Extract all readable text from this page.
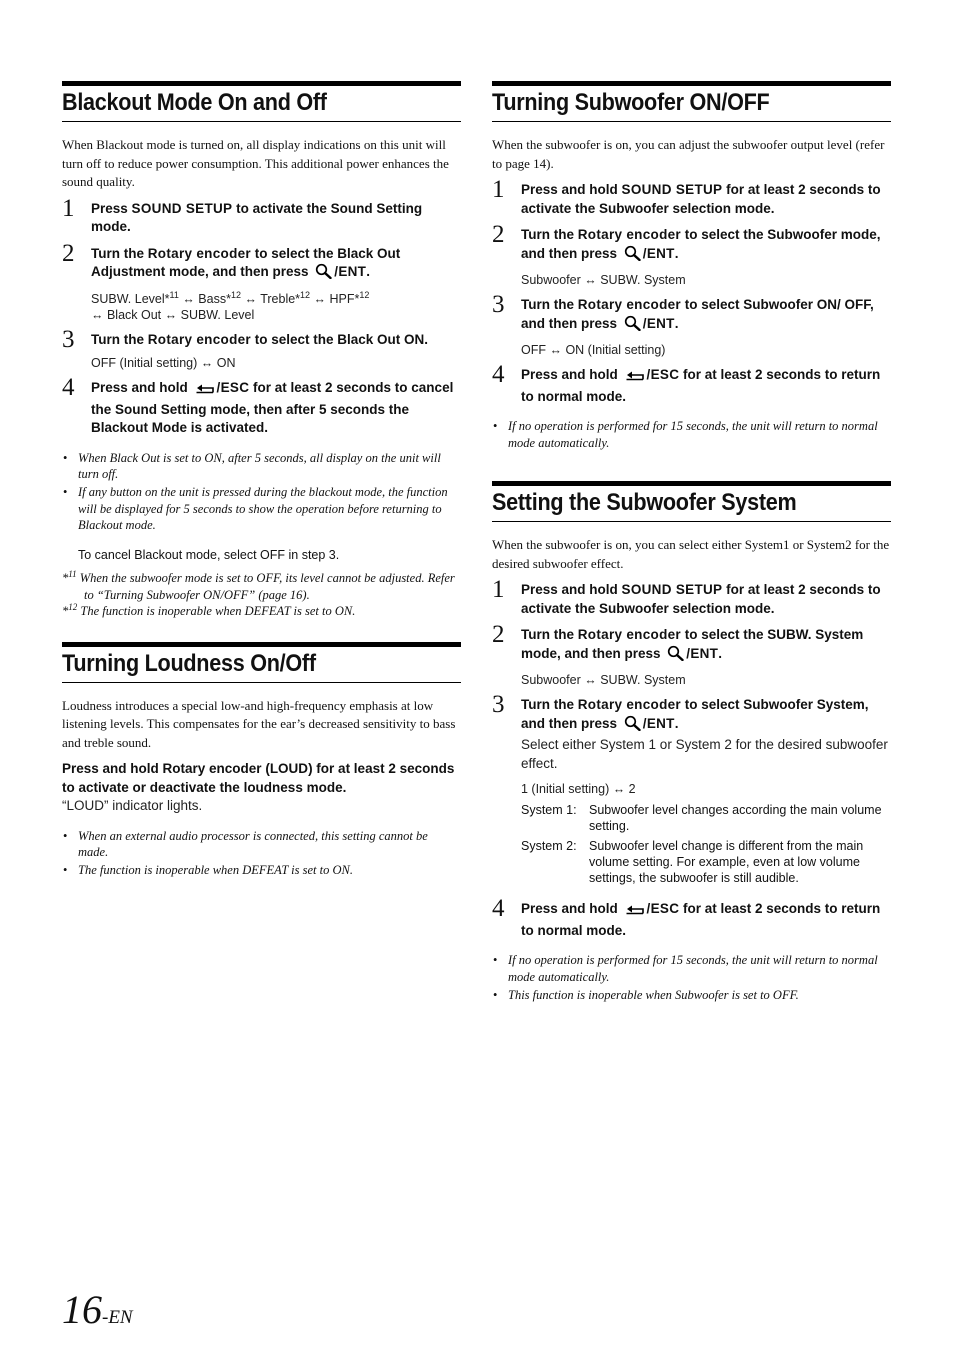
Blackout Mode On and Off

When Blackout mode is turned on, all display indications on this unit will turn off to reduce power consumption. This additional power enhances the sound quality.

1 Press SOUND SETUP to activate the Sound Setting mode.
2 Turn the Rotary encoder to select the Black Out Adjustment mode, and then press /ENT.
SUBW. Level*$^{11}$ ↔ Bass*$^{12}$ ↔ Treble*$^{12}$ ↔ HPF*$^{12}$
↔ Black Out ↔ SUBW. Level
3 Turn the Rotary encoder to select the Black Out ON.
OFF (Initial setting) ↔ ON
4 Press and hold /ESC for at least 2 seconds to cancel the Sound Setting mode, then after 5 seconds the Blackout Mode is activated.
• When Black Out is set to ON, after 5 seconds, all display on the unit will turn off.
• If any button on the unit is pressed during the blackout mode, the function will be displayed for 5 seconds to show the operation before returning to Blackout mode.
To cancel Blackout mode, select OFF in step 3.

*$^{11}$ When the subwoofer mode is set to OFF, its level cannot be adjusted. Refer to “Turning Subwoofer ON/OFF” (page 16).

*$^{12}$ The function is inoperable when DEFEAT is set to ON.

Turning Loudness On/Off

Loudness introduces a special low-and high-frequency emphasis at low listening levels. This compensates for the ear’s decreased sensitivity to bass and treble sound.

Press and hold Rotary encoder (LOUD) for at least 2 seconds to activate or deactivate the loudness mode.

“LOUD” indicator lights.
• When an external audio processor is connected, this setting cannot be made.
• The function is inoperable when DEFEAT is set to ON.
Turning Subwoofer ON/OFF

When the subwoofer is on, you can adjust the subwoofer output level (refer to page 14).

1 Press and hold SOUND SETUP for at least 2 seconds to activate the Subwoofer selection mode.
2 Turn the Rotary encoder to select the Subwoofer mode, and then press /ENT.
Subwoofer ↔ SUBW. System
3 Turn the Rotary encoder to select Subwoofer ON/ OFF, and then press /ENT.
OFF ↔ ON (Initial setting)
4 Press and hold /ESC for at least 2 seconds to return to normal mode.
• If no operation is performed for 15 seconds, the unit will return to normal mode automatically.
Setting the Subwoofer System

When the subwoofer is on, you can select either System1 or System2 for the desired subwoofer effect.

1 Press and hold SOUND SETUP for at least 2 seconds to activate the Subwoofer selection mode.
2 Turn the Rotary encoder to select the SUBW. System mode, and then press /ENT.
Subwoofer ↔ SUBW. System
3 Turn the Rotary encoder to select Subwoofer System, and then press /ENT.
Select either System 1 or System 2 for the desired subwoofer effect.
1 (Initial setting) ↔ 2
System 1: Subwoofer level changes according the main volume setting.
System 2: Subwoofer level change is different from the main volume setting. For example, even at low volume settings, the subwoofer is still audible.
4 Press and hold /ESC for at least 2 seconds to return to normal mode.
• If no operation is performed for 15 seconds, the unit will return to normal mode automatically.
• This function is inoperable when Subwoofer is set to OFF.
16-EN
